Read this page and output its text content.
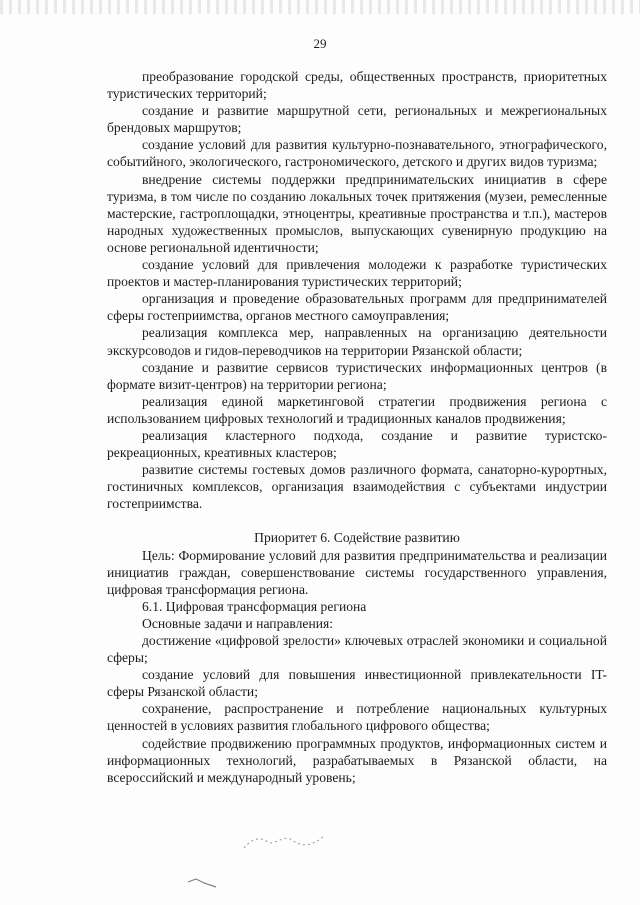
29

преобразование городской среды, общественных пространств, приоритетных туристических территорий;

создание и развитие маршрутной сети, региональных и межрегиональных брендовых маршрутов;

создание условий для развития культурно-познавательного, этнографического, событийного, экологического, гастрономического, детского и других видов туризма;

внедрение системы поддержки предпринимательских инициатив в сфере туризма, в том числе по созданию локальных точек притяжения (музеи, ремесленные мастерские, гастроплощадки, этноцентры, креативные пространства и т.п.), мастеров народных художественных промыслов, выпускающих сувенирную продукцию на основе региональной идентичности;

создание условий для привлечения молодежи к разработке туристических проектов и мастер-планирования туристических территорий;

организация и проведение образовательных программ для предпринимателей сферы гостеприимства, органов местного самоуправления;

реализация комплекса мер, направленных на организацию деятельности экскурсоводов и гидов-переводчиков на территории Рязанской области;

создание и развитие сервисов туристических информационных центров (в формате визит-центров) на территории региона;

реализация единой маркетинговой стратегии продвижения региона с использованием цифровых технологий и традиционных каналов продвижения;

реализация кластерного подхода, создание и развитие туристско-рекреационных, креативных кластеров;

развитие системы гостевых домов различного формата, санаторно-курортных, гостиничных комплексов, организация взаимодействия с субъектами индустрии гостеприимства.

Приоритет 6. Содействие развитию

Цель: Формирование условий для развития предпринимательства и реализации инициатив граждан, совершенствование системы государственного управления, цифровая трансформация региона.

6.1. Цифровая трансформация региона

Основные задачи и направления:

достижение «цифровой зрелости» ключевых отраслей экономики и социальной сферы;

создание условий для повышения инвестиционной привлекательности IT-сферы Рязанской области;

сохранение, распространение и потребление национальных культурных ценностей в условиях развития глобального цифрового общества;

содействие продвижению программных продуктов, информационных систем и информационных технологий, разрабатываемых в Рязанской области, на всероссийский и международный уровень;
